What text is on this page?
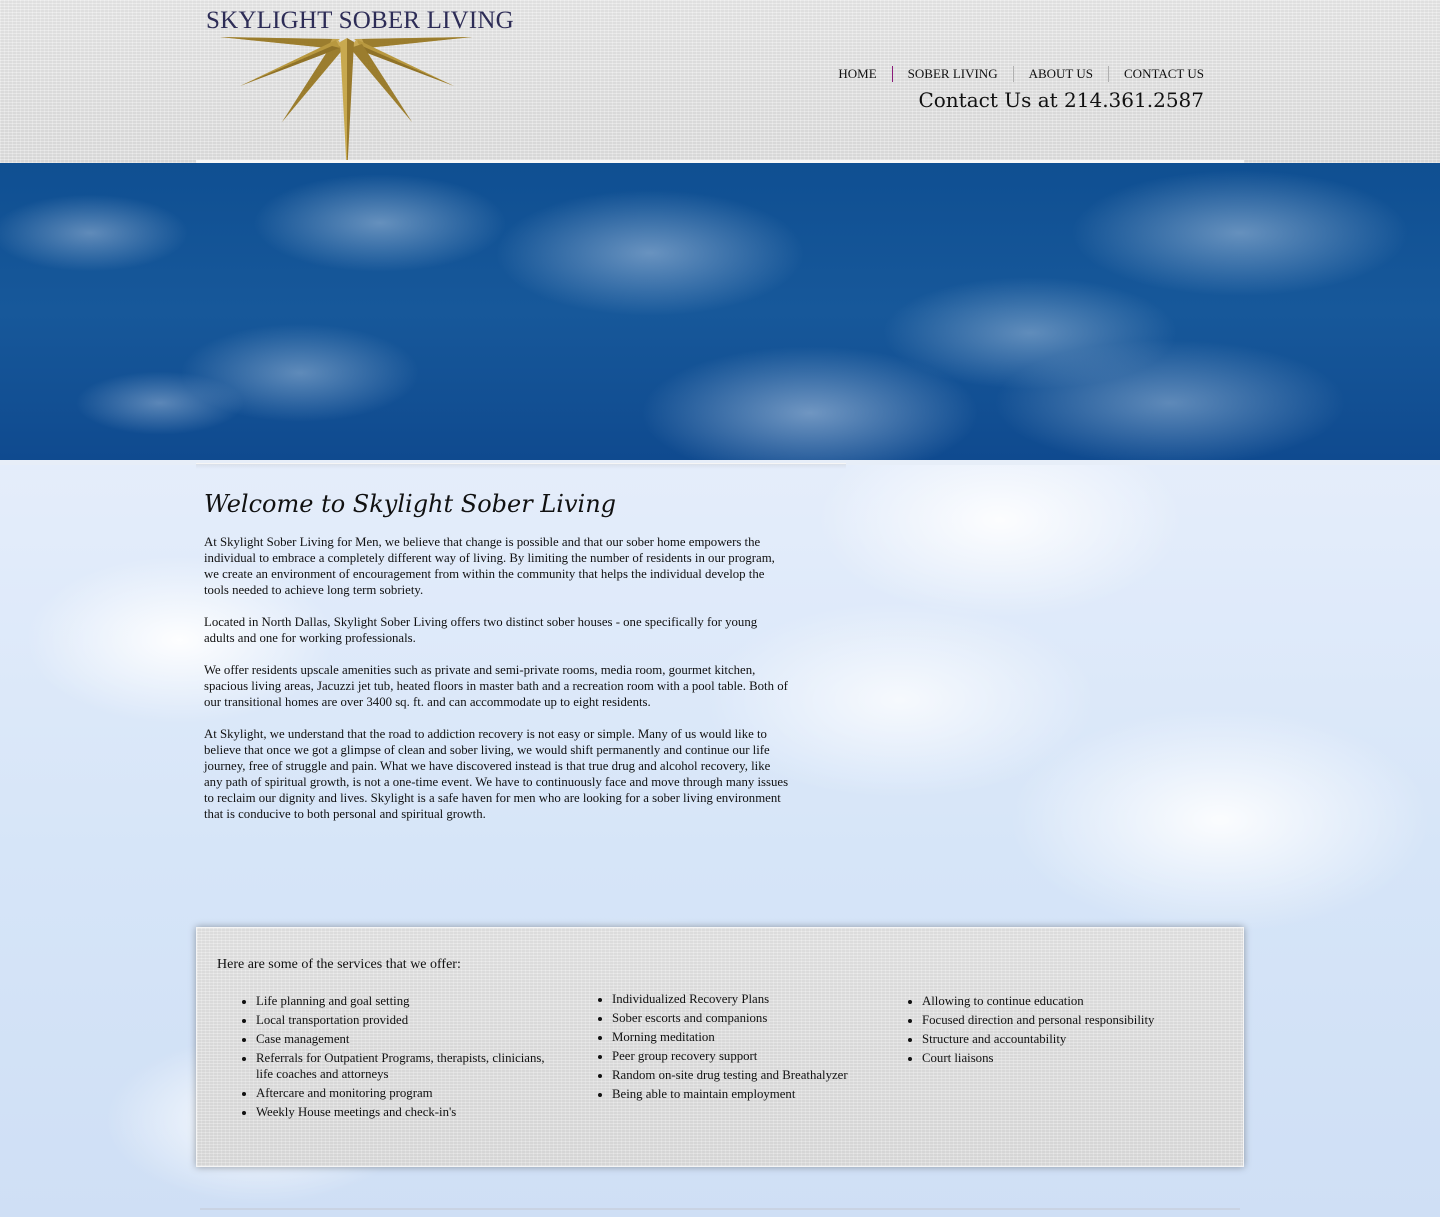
SKYLIGHT SOBER LIVING
HOME	SOBER LIVING	ABOUT US	CONTACT US
Contact Us at 214.361.2587
Welcome to Skylight Sober Living

At Skylight Sober Living for Men, we believe that change is possible and that our sober home empowers the individual to embrace a completely different way of living. By limiting the number of residents in our program, we create an environment of encouragement from within the community that helps the individual develop the tools needed to achieve long term sobriety.

Located in North Dallas, Skylight Sober Living offers two distinct sober houses - one specifically for young adults and one for working professionals.

We offer residents upscale amenities such as private and semi-private rooms, media room, gourmet kitchen, spacious living areas, Jacuzzi jet tub, heated floors in master bath and a recreation room with a pool table. Both of our transitional homes are over 3400 sq. ft. and can accommodate up to eight residents.

At Skylight, we understand that the road to addiction recovery is not easy or simple. Many of us would like to believe that once we got a glimpse of clean and sober living, we would shift permanently and continue our life journey, free of struggle and pain. What we have discovered instead is that true drug and alcohol recovery, like any path of spiritual growth, is not a one-time event. We have to continuously face and move through many issues to reclaim our dignity and lives. Skylight is a safe haven for men who are looking for a sober living environment that is conducive to both personal and spiritual growth.

Here are some of the services that we offer:
• Life planning and goal setting
• Local transportation provided
• Case management
• Referrals for Outpatient Programs, therapists, clinicians, life coaches and attorneys
• Aftercare and monitoring program
• Weekly House meetings and check-in's
• Individualized Recovery Plans
• Sober escorts and companions
• Morning meditation
• Peer group recovery support
• Random on-site drug testing and Breathalyzer
• Being able to maintain employment
• Allowing to continue education
• Focused direction and personal responsibility
• Structure and accountability
• Court liaisons
